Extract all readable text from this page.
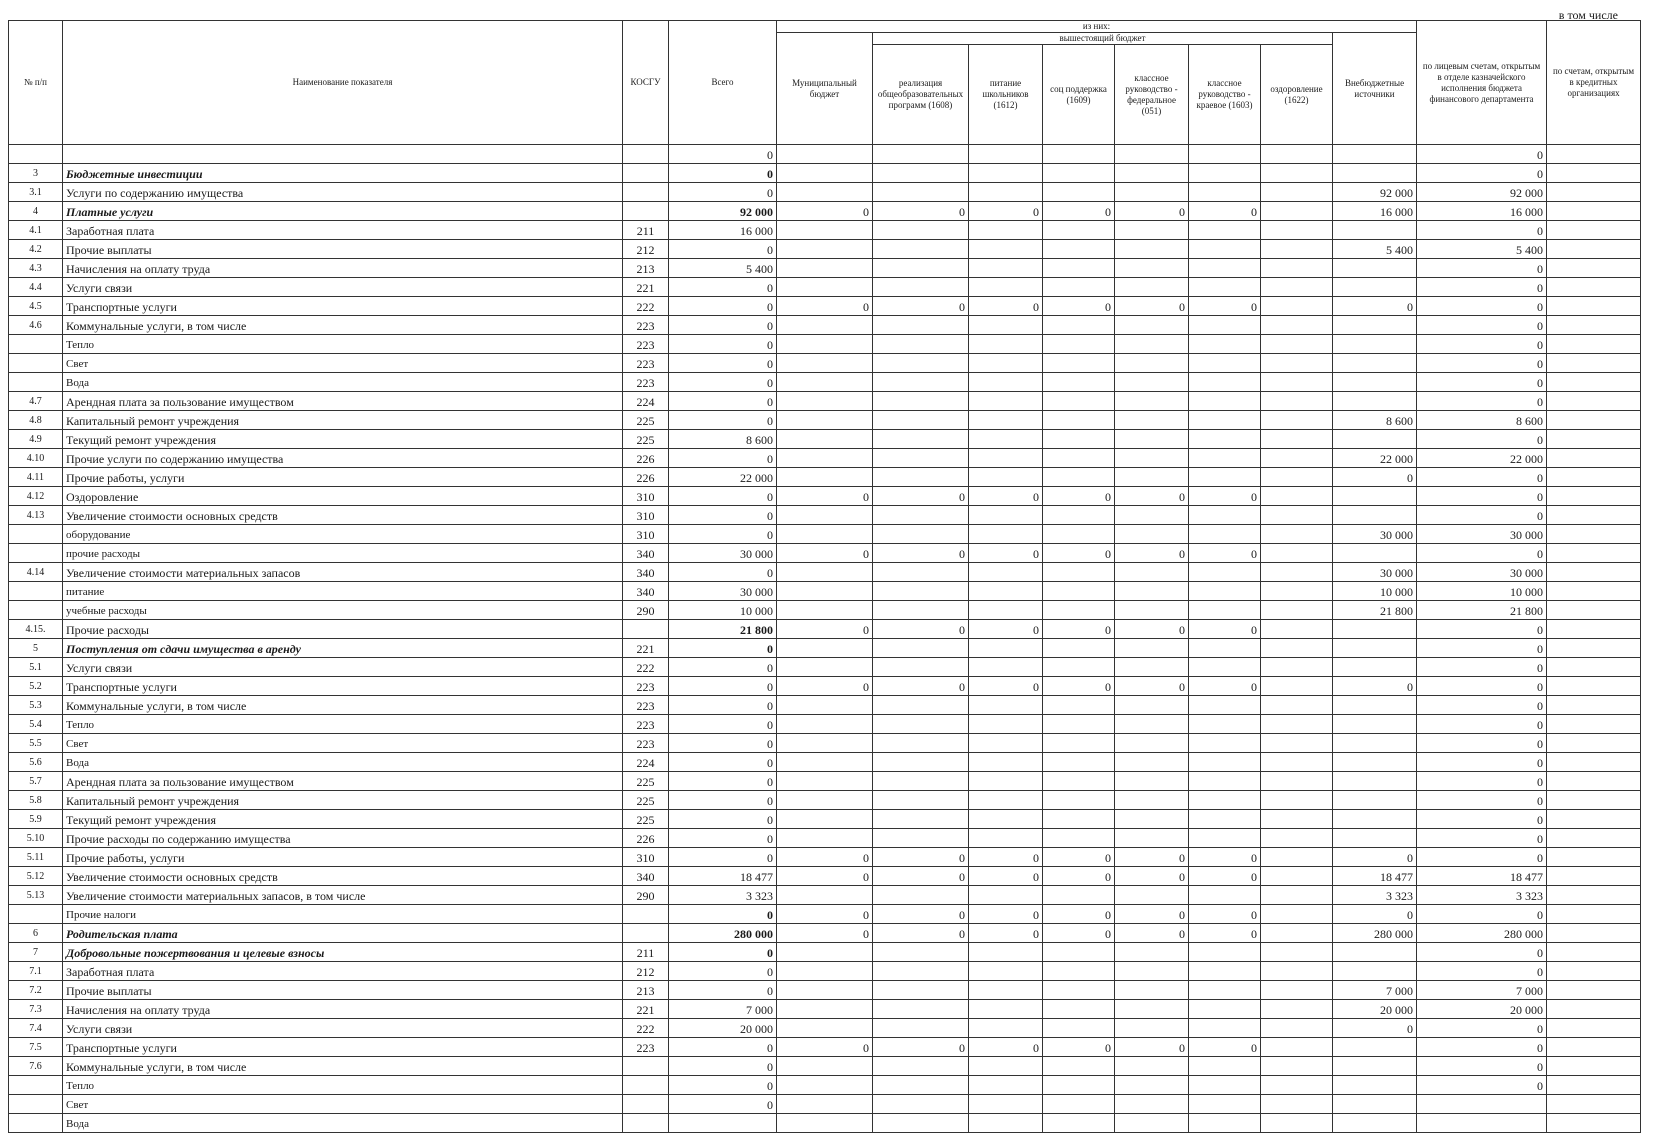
в том числе
№ п/п	Наименование показателя	КОСГУ	Всего	из них:								по лицевым счетам, открытым в отделе казначейского исполнения бюджета финансового департамента	по счетам, открытым в кредитных организациях
				Муниципальный бюджет	вышестоящий бюджет						Внебюджетные источники		
					реализация общеобразовательных программ (1608)	питание школьников (1612)	соц поддержка (1609)	классное руководство - федеральное (051)	классное руководство - краевое (1603)	оздоровление (1622)			
			0									0	
3	Бюджетные инвестиции		0									0	
3.1	Услуги по содержанию имущества		0								92 000	92 000	
4	Платные услуги		92 000	0	0	0	0	0	0		16 000	16 000	
4.1	Заработная плата	211	16 000									0	
4.2	Прочие выплаты	212	0								5 400	5 400	
4.3	Начисления на оплату труда	213	5 400									0	
4.4	Услуги связи	221	0									0	
4.5	Транспортные услуги	222	0	0	0	0	0	0	0		0	0	
4.6	Коммунальные услуги, в том числе	223	0									0	
	Тепло	223	0									0	
	Свет	223	0									0	
	Вода	223	0									0	
4.7	Арендная плата за пользование имуществом	224	0									0	
4.8	Капитальный ремонт учреждения	225	0								8 600	8 600	
4.9	Текущий ремонт учреждения	225	8 600									0	
4.10	Прочие услуги по содержанию имущества	226	0								22 000	22 000	
4.11	Прочие работы, услуги	226	22 000								0	0	
4.12	Оздоровление	310	0	0	0	0	0	0	0			0	
4.13	Увеличение стоимости основных средств	310	0									0	
	оборудование	310	0								30 000	30 000	
	прочие расходы	340	30 000	0	0	0	0	0	0			0	
4.14	Увеличение стоимости материальных запасов	340	0								30 000	30 000	
	питание	340	30 000								10 000	10 000	
	учебные расходы	290	10 000								21 800	21 800	
4.15.	Прочие расходы		21 800	0	0	0	0	0	0			0	
5	Поступления от сдачи имущества в аренду	221	0									0	
5.1	Услуги связи	222	0									0	
5.2	Транспортные услуги	223	0	0	0	0	0	0	0		0	0	
5.3	Коммунальные услуги, в том числе	223	0									0	
5.4	Тепло	223	0									0	
5.5	Свет	223	0									0	
5.6	Вода	224	0									0	
5.7	Арендная плата за пользование имуществом	225	0									0	
5.8	Капитальный ремонт учреждения	225	0									0	
5.9	Текущий ремонт учреждения	225	0									0	
5.10	Прочие расходы по содержанию имущества	226	0									0	
5.11	Прочие работы, услуги	310	0	0	0	0	0	0	0		0	0	
5.12	Увеличение стоимости основных средств	340	18 477	0	0	0	0	0	0		18 477	18 477	
5.13	Увеличение стоимости материальных запасов, в том числе	290	3 323								3 323	3 323	
	Прочие налоги		0	0	0	0	0	0	0		0	0	
6	Родительская плата		280 000	0	0	0	0	0	0		280 000	280 000	
7	Добровольные пожертвования и целевые взносы	211	0									0	
7.1	Заработная плата	212	0									0	
7.2	Прочие выплаты	213	0								7 000	7 000	
7.3	Начисления на оплату труда	221	7 000								20 000	20 000	
7.4	Услуги связи	222	20 000								0	0	
7.5	Транспортные услуги	223	0	0	0	0	0	0	0			0	
7.6	Коммунальные услуги, в том числе		0									0	
	Тепло		0									0	
	Свет		0										
	Вода												
